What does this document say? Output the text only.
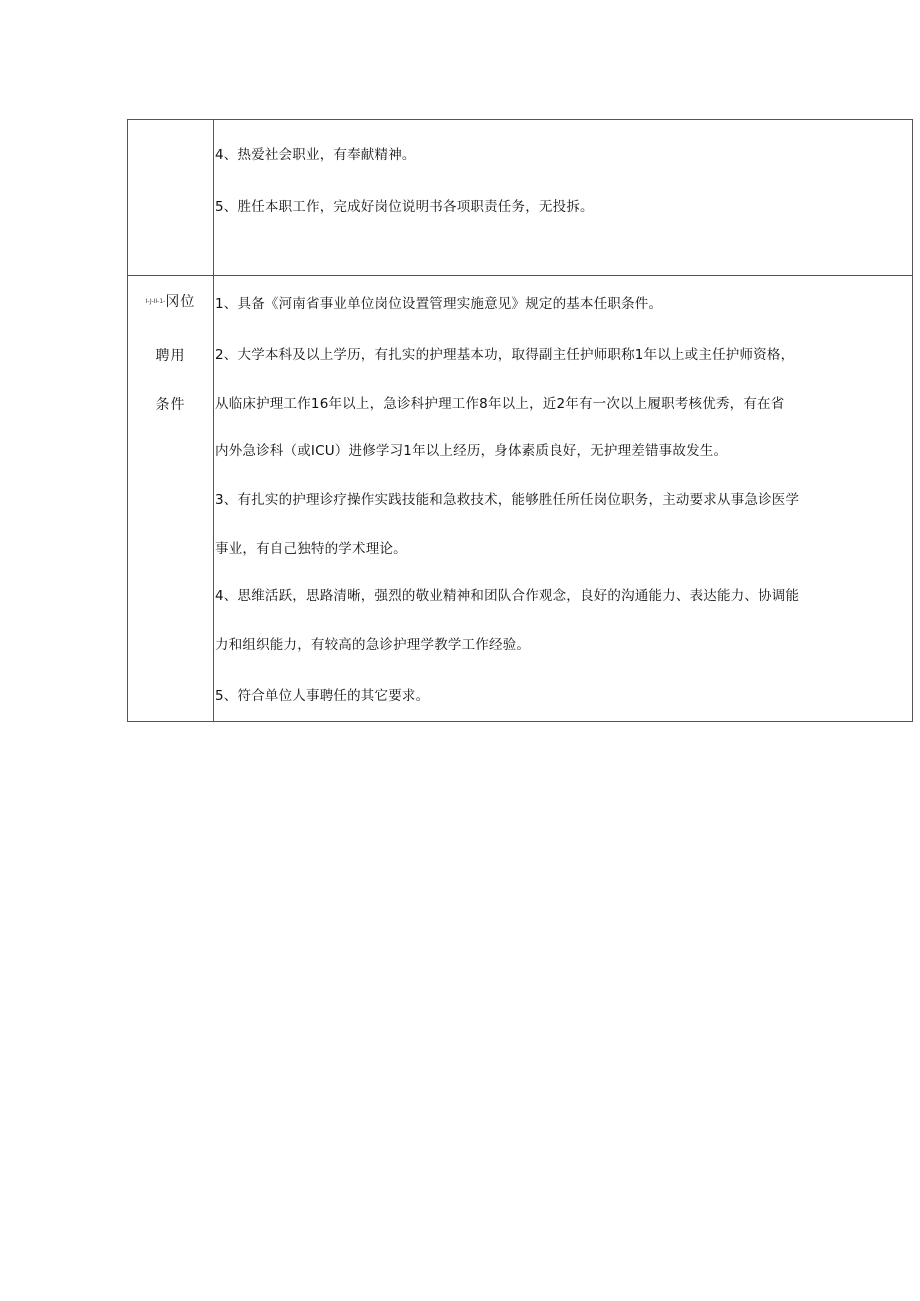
4、热爱社会职业，有奉献精神。
5、胜任本职工作，完成好岗位说明书各项职责任务，无投拆。
I-J-II-1-冈位
聘用
条件
1、具备《河南省事业单位岗位设置管理实施意见》规定的基本任职条件。
2、大学本科及以上学历，有扎实的护理基本功，取得副主任护师职称1年以上或主任护师资格，
从临床护理工作16年以上，急诊科护理工作8年以上，近2年有一次以上履职考核优秀，有在省
内外急诊科（或ICU）进修学习1年以上经历，身体素质良好，无护理差错事故发生。
3、有扎实的护理诊疗操作实践技能和急救技术，能够胜任所任岗位职务，主动要求从事急诊医学
事业，有自己独特的学术理论。
4、思维活跃，思路清晰，强烈的敬业精神和团队合作观念，良好的沟通能力、表达能力、协调能
力和组织能力，有较高的急诊护理学教学工作经验。
5、符合单位人事聘任的其它要求。
